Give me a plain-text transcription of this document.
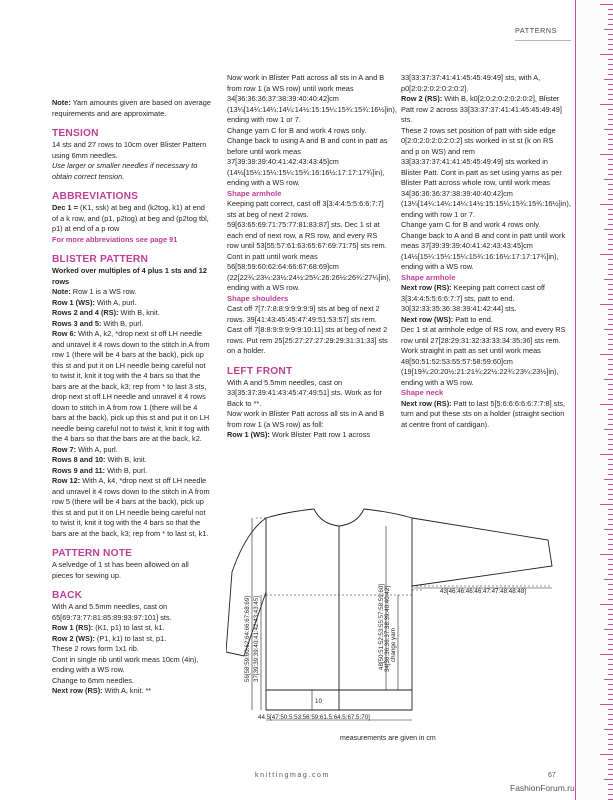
PATTERNS

Note: Yarn amounts given are based on average requirements and are approximate.

TENSION

14 sts and 27 rows to 10cm over Blister Pattern using 6mm needles.

Use larger or smaller needles if necessary to obtain correct tension.

ABBREVIATIONS

Dec 1 = (K1, ssk) at beg and (k2tog, k1) at end of a k row, and (p1, p2tog) at beg and (p2tog tbl, p1) at end of a p row

For more abbreviations see page 91

BLISTER PATTERN

Worked over multiples of 4 plus 1 sts and 12 rows

Note: Row 1 is a WS row.

Row 1 (WS): With A, purl.

Rows 2 and 4 (RS): With B, knit.

Rows 3 and 5: With B, purl.

Row 6: With A, k2, *drop next st off LH needle and unravel it 4 rows down to the stitch in A from row 1 (there will be 4 bars at the back), pick up this st and put it on LH needle being careful not to twist it, knit it tog with the 4 bars so that the bars are at the back, k3; rep from * to last 3 sts, drop next st off LH needle and unravel it 4 rows down to stitch in A from row 1 (there will be 4 bars at the back), pick up this st and put it on LH needle being careful not to twist it, knit it tog with the 4 bars so that the bars are at the back, k2.

Row 7: With A, purl.

Rows 8 and 10: With B, knit.

Rows 9 and 11: With B, purl.

Row 12: With A, k4, *drop next st off LH needle and unravel it 4 rows down to the stitch in A from row 5 (there will be 4 bars at the back), pick up this st and put it on LH needle being careful not to twist it, knit it tog with the 4 bars so that the bars are at the back, k3; rep from * to last st, k1.

PATTERN NOTE

A selvedge of 1 st has been allowed on all pieces for sewing up.

BACK

With A and 5.5mm needles, cast on 65[69:73:77:81:85:89:93:97:101] sts.

Row 1 (RS): (K1, p1) to last st, k1.

Row 2 (WS): (P1, k1) to last st, p1.

These 2 rows form 1x1 rib.

Cont in single rib until work meas 10cm (4in), ending with a WS row.

Change to 6mm needles.

Next row (RS): With A, knit. **

Now work in Blister Patt across all sts in A and B from row 1 (a WS row) until work meas 34[36:36:36:37:38:39:40:40:42]cm (13¼[14¼:14¼:14¼:14½:15:15¼:15¾:15¾:16½]in), ending with row 1 or 7.

Change yarn C for B and work 4 rows only. Change back to using A and B and cont in patt as before until work meas 37[39:39:39:40:41:42:43:43:45]cm (14½[15¼:15¼:15¼:15¾:16:16½:17:17:17¾]in), ending with a WS row.

Shape armhole

Keeping patt correct, cast off 3[3:4:4:5:5:6:6:7:7] sts at beg of next 2 rows. 59[63:65:69:71:75:77:81:83:87] sts. Dec 1 st at each end of next row, a RS row, and every RS row until 53[55:57:61:63:65:67:69:71:75] sts rem.

Cont in patt until work meas 56[58:59:60:62:64:66:67:68:69]cm (22[22¾:23¼:23½:24½:25¼:26:26½:26¾:27¼]in), ending with a WS row.

Shape shoulders

Cast off 7[7:7:8:8:9:9:9:9:9] sts at beg of next 2 rows. 39[41:43:45:45:47:49:51:53:57] sts rem. Cast off 7[8:8:9:9:9:9:9:10:11] sts at beg of next 2 rows. Put rem 25[25:27:27:27:29:29:31:31:33] sts on a holder.

LEFT FRONT

With A and 5.5mm needles, cast on 33[35:37:39:41:43:45:47:49:51] sts. Work as for Back to **.

Now work in Blister Patt across all sts in A and B from row 1 (a WS row) as foll:

Row 1 (WS): Work Blister Patt row 1 across

33[33:37:37:41:41:45:45:49:49] sts, with A, p0[2:0:2:0:2:0:2:0:2].

Row 2 (RS): With B, k0[2:0:2:0:2:0:2:0:2], Blister Patt row 2 across 33[33:37:37:41:41:45:45:49:49] sts.

These 2 rows set position of patt with side edge 0[2:0:2:0:2:0:2:0:2] sts worked in st st (k on RS and p on WS) and rem 33[33:37:37:41:41:45:45:49:49] sts worked in Blister Patt. Cont in patt as set using yarns as per Blister Patt across whole row, until work meas 34[36:36:36:37:38:39:40:40:42]cm (13¼[14¼:14¼:14¼:14½:15:15¼:15¾:15¾:16½]in), ending with row 1 or 7.

Change yarn C for B and work 4 rows only. Change back to A and B and cont in patt until work meas 37[39:39:39:40:41:42:43:43:45]cm (14½[15¼:15¼:15¼:15¾:16:16½:17:17:17¾]in), ending with a WS row.

Shape armhole

Next row (RS): Keeping patt correct cast off 3[3:4:4:5:5:6:6:7:7] sts, patt to end. 30[32:33:35:36:38:39:41:42:44] sts.

Next row (WS): Patt to end.

Dec 1 st at armhole edge of RS row, and every RS row until 27[28:29:31:32:33:33:34:35:36] sts rem. Work straight in patt as set until work meas 48[50:51:52:53:55:57:58:59:60]cm (19[19¾:20:20½:21:21¾:22½:22¾:23¼:23½]in), ending with a WS row.

Shape neck

Next row (RS): Patt to last 5[5:6:6:6:6:6:7:7:8] sts, turn and put these sts on a holder (straight section at centre front of cardigan).

56[58:59:60:62:64:66:67:68:69] 37[39:39:39:40:41:42:43:43:45]	48[50:51:52:53:55:57:58:59:60] 34[36:36:36:37:38:39:40:40:42] change yarn
43[46:46:46:46:47:47:48:48:48]
10
44.5[47:50.5:53:56:59:61.5:64.5:67.5:70]
measurements are given in cm
knittingmag.com	67
FashionForum.ru
